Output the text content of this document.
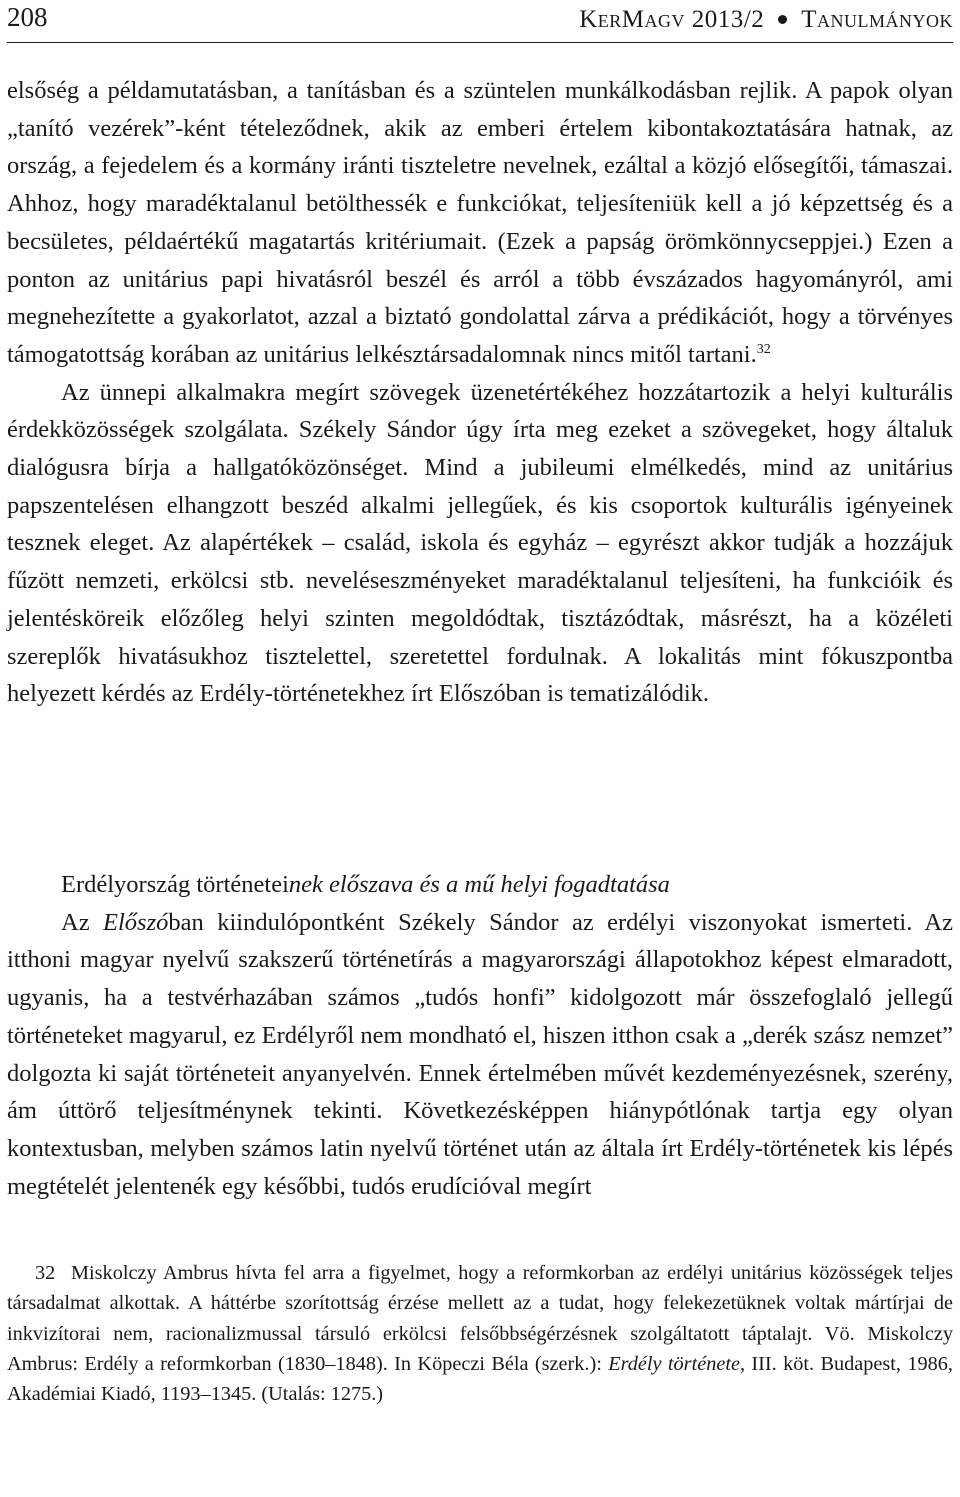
208	KerMagv 2013/2 Tanulmányok

elsőség a példamutatásban, a tanításban és a szüntelen munkálkodásban rejlik. A papok olyan „tanító vezérek”-ként tételeződnek, akik az emberi értelem kibontakoztatására hatnak, az ország, a fejedelem és a kormány iránti tiszteletre nevelnek, ezáltal a közjó elősegítői, támaszai. Ahhoz, hogy maradéktalanul betölthessék e funkciókat, teljesíteniük kell a jó képzettség és a becsületes, példaértékű magatartás kritériumait. (Ezek a papság örömkönnycseppjei.) Ezen a ponton az unitárius papi hivatásról beszél és arról a több évszázados hagyományról, ami megnehezítette a gyakorlatot, azzal a biztató gondolattal zárva a prédikációt, hogy a törvényes támogatottság korában az unitárius lelkésztársadalomnak nincs mitől tartani.$^{32}$

Az ünnepi alkalmakra megírt szövegek üzenetértékéhez hozzátartozik a helyi kulturális érdekközösségek szolgálata. Székely Sándor úgy írta meg ezeket a szövegeket, hogy általuk dialógusra bírja a hallgatóközönséget. Mind a jubileumi elmélkedés, mind az unitárius papszentelésen elhangzott beszéd alkalmi jellegűek, és kis csoportok kulturális igényeinek tesznek eleget. Az alapértékek – család, iskola és egyház – egyrészt akkor tudják a hozzájuk fűzött nemzeti, erkölcsi stb. neveléseszményeket maradéktalanul teljesíteni, ha funkcióik és jelentésköreik előzőleg helyi szinten megoldódtak, tisztázódtak, másrészt, ha a közéleti szereplők hivatásukhoz tisztelettel, szeretettel fordulnak. A lokalitás mint fókuszpontba helyezett kérdés az Erdély-történetekhez írt Előszóban is tematizálódik.

Erdélyország történeteinek előszava és a mű helyi fogadtatása

Az Előszóban kiindulópontként Székely Sándor az erdélyi viszonyokat ismerteti. Az itthoni magyar nyelvű szakszerű történetírás a magyarországi állapotokhoz képest elmaradott, ugyanis, ha a testvérhazában számos „tudós honfi” kidolgozott már összefoglaló jellegű történeteket magyarul, ez Erdélyről nem mondható el, hiszen itthon csak a „derék szász nemzet” dolgozta ki saját történeteit anyanyelvén. Ennek értelmében művét kezdeményezésnek, szerény, ám úttörő teljesítménynek tekinti. Következésképpen hiánypótlónak tartja egy olyan kontextusban, melyben számos latin nyelvű történet után az általa írt Erdély-történetek kis lépés megtételét jelentenék egy későbbi, tudós erudícióval megírt

32 Miskolczy Ambrus hívta fel arra a figyelmet, hogy a reformkorban az erdélyi unitárius közösségek teljes társadalmat alkottak. A háttérbe szorítottság érzése mellett az a tudat, hogy felekezetüknek voltak mártírjai de inkvizítorai nem, racionalizmussal társuló erkölcsi felsőbbségérzésnek szolgáltatott táptalajt. Vö. Miskolczy Ambrus: Erdély a reformkorban (1830–1848). In Köpeczi Béla (szerk.): Erdély története, III. köt. Budapest, 1986, Akadémiai Kiadó, 1193–1345. (Utalás: 1275.)
